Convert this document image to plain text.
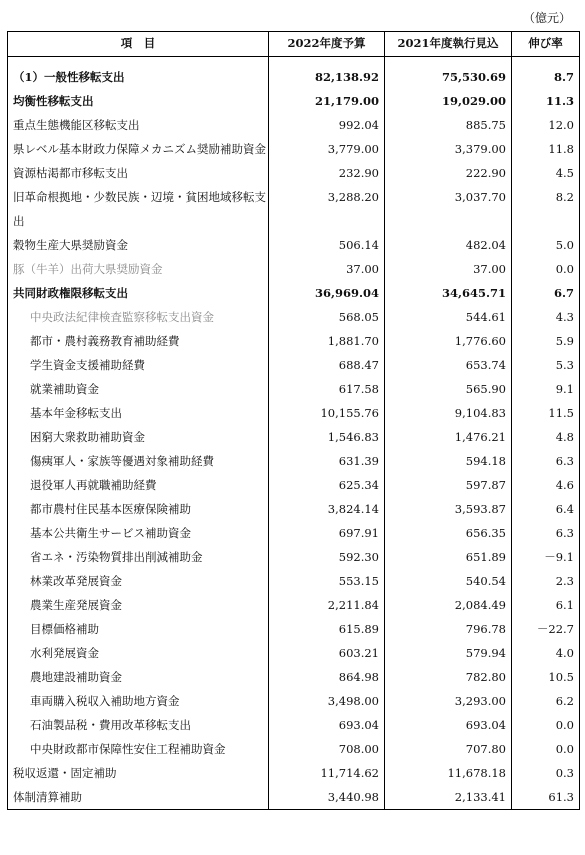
（億元）
項　目	2022年度予算	2021年度執行見込	伸び率
（1）一般性移転支出	82,138.92	75,530.69	8.7
均衡性移転支出	21,179.00	19,029.00	11.3
重点生態機能区移転支出	992.04	885.75	12.0
県レベル基本財政力保障メカニズム奨励補助資金	3,779.00	3,379.00	11.8
資源枯渇都市移転支出	232.90	222.90	4.5
旧革命根拠地・少数民族・辺境・貧困地域移転支出	3,288.20	3,037.70	8.2
穀物生産大県奨励資金	506.14	482.04	5.0
豚（牛羊）出荷大県奨励資金	37.00	37.00	0.0
共同財政権限移転支出	36,969.04	34,645.71	6.7
中央政法紀律検査監察移転支出資金	568.05	544.61	4.3
都市・農村義務教育補助経費	1,881.70	1,776.60	5.9
学生資金支援補助経費	688.47	653.74	5.3
就業補助資金	617.58	565.90	9.1
基本年金移転支出	10,155.76	9,104.83	11.5
困窮大衆救助補助資金	1,546.83	1,476.21	4.8
傷痍軍人・家族等優遇対象補助経費	631.39	594.18	6.3
退役軍人再就職補助経費	625.34	597.87	4.6
都市農村住民基本医療保険補助	3,824.14	3,593.87	6.4
基本公共衛生サービス補助資金	697.91	656.35	6.3
省エネ・汚染物質排出削減補助金	592.30	651.89	－9.1
林業改革発展資金	553.15	540.54	2.3
農業生産発展資金	2,211.84	2,084.49	6.1
目標価格補助	615.89	796.78	－22.7
水利発展資金	603.21	579.94	4.0
農地建設補助資金	864.98	782.80	10.5
車両購入税収入補助地方資金	3,498.00	3,293.00	6.2
石油製品税・費用改革移転支出	693.04	693.04	0.0
中央財政都市保障性安住工程補助資金	708.00	707.80	0.0
税収返還・固定補助	11,714.62	11,678.18	0.3
体制清算補助	3,440.98	2,133.41	61.3
